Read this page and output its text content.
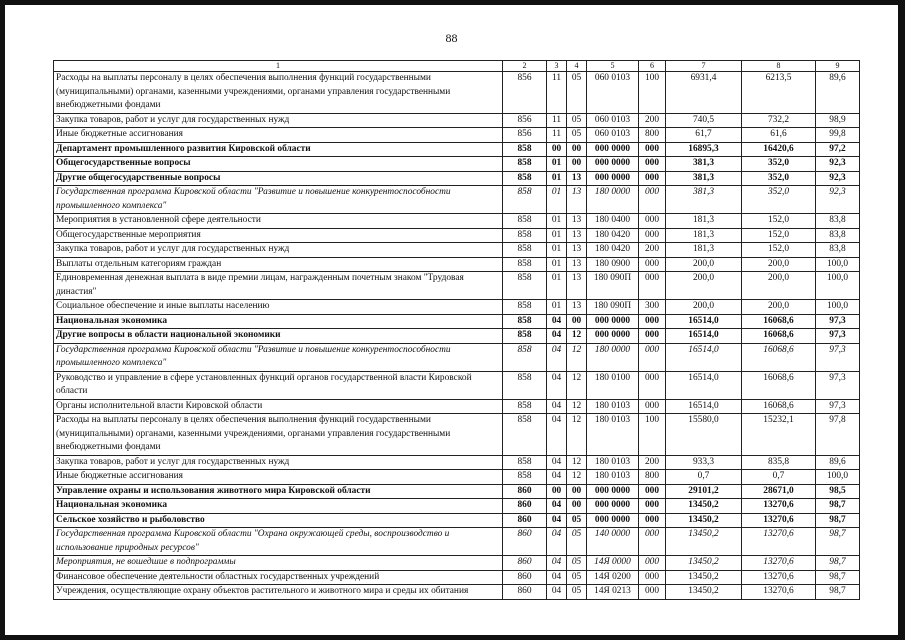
88
1	2	3	4	5	6	7	8	9
Расходы на выплаты персоналу в целях обеспечения выполнения функций государственными (муниципальными) органами, казенными учреждениями, органами управления государственными внебюджетными фондами	856	11	05	060 0103	100	6931,4	6213,5	89,6
Закупка товаров, работ и услуг для государственных нужд	856	11	05	060 0103	200	740,5	732,2	98,9
Иные бюджетные ассигнования	856	11	05	060 0103	800	61,7	61,6	99,8
Департамент промышленного развития Кировской области	858	00	00	000 0000	000	16895,3	16420,6	97,2
Общегосударственные вопросы	858	01	00	000 0000	000	381,3	352,0	92,3
Другие общегосударственные вопросы	858	01	13	000 0000	000	381,3	352,0	92,3
Государственная программа Кировской области "Развитие и повышение конкурентоспособности промышленного комплекса"	858	01	13	180 0000	000	381,3	352,0	92,3
Мероприятия в установленной сфере деятельности	858	01	13	180 0400	000	181,3	152,0	83,8
Общегосударственные мероприятия	858	01	13	180 0420	000	181,3	152,0	83,8
Закупка товаров, работ и услуг для государственных нужд	858	01	13	180 0420	200	181,3	152,0	83,8
Выплаты отдельным категориям граждан	858	01	13	180 0900	000	200,0	200,0	100,0
Единовременная денежная выплата в виде премии лицам, награжденным почетным знаком "Трудовая династия"	858	01	13	180 090П	000	200,0	200,0	100,0
Социальное обеспечение и иные выплаты населению	858	01	13	180 090П	300	200,0	200,0	100,0
Национальная экономика	858	04	00	000 0000	000	16514,0	16068,6	97,3
Другие вопросы в области национальной экономики	858	04	12	000 0000	000	16514,0	16068,6	97,3
Государственная программа Кировской области "Развитие и повышение конкурентоспособности промышленного комплекса"	858	04	12	180 0000	000	16514,0	16068,6	97,3
Руководство и управление в сфере установленных функций органов государственной власти Кировской области	858	04	12	180 0100	000	16514,0	16068,6	97,3
Органы исполнительной власти Кировской области	858	04	12	180 0103	000	16514,0	16068,6	97,3
Расходы на выплаты персоналу в целях обеспечения выполнения функций государственными (муниципальными) органами, казенными учреждениями, органами управления государственными внебюджетными фондами	858	04	12	180 0103	100	15580,0	15232,1	97,8
Закупка товаров, работ и услуг для государственных нужд	858	04	12	180 0103	200	933,3	835,8	89,6
Иные бюджетные ассигнования	858	04	12	180 0103	800	0,7	0,7	100,0
Управление охраны и использования животного мира Кировской области	860	00	00	000 0000	000	29101,2	28671,0	98,5
Национальная экономика	860	04	00	000 0000	000	13450,2	13270,6	98,7
Сельское хозяйство и рыболовство	860	04	05	000 0000	000	13450,2	13270,6	98,7
Государственная программа Кировской области "Охрана окружающей среды, воспроизводство и использование природных ресурсов"	860	04	05	140 0000	000	13450,2	13270,6	98,7
Мероприятия, не вошедшие в подпрограммы	860	04	05	14Я 0000	000	13450,2	13270,6	98,7
Финансовое обеспечение деятельности областных государственных учреждений	860	04	05	14Я 0200	000	13450,2	13270,6	98,7
Учреждения, осуществляющие охрану объектов растительного и животного мира и среды их обитания	860	04	05	14Я 0213	000	13450,2	13270,6	98,7
